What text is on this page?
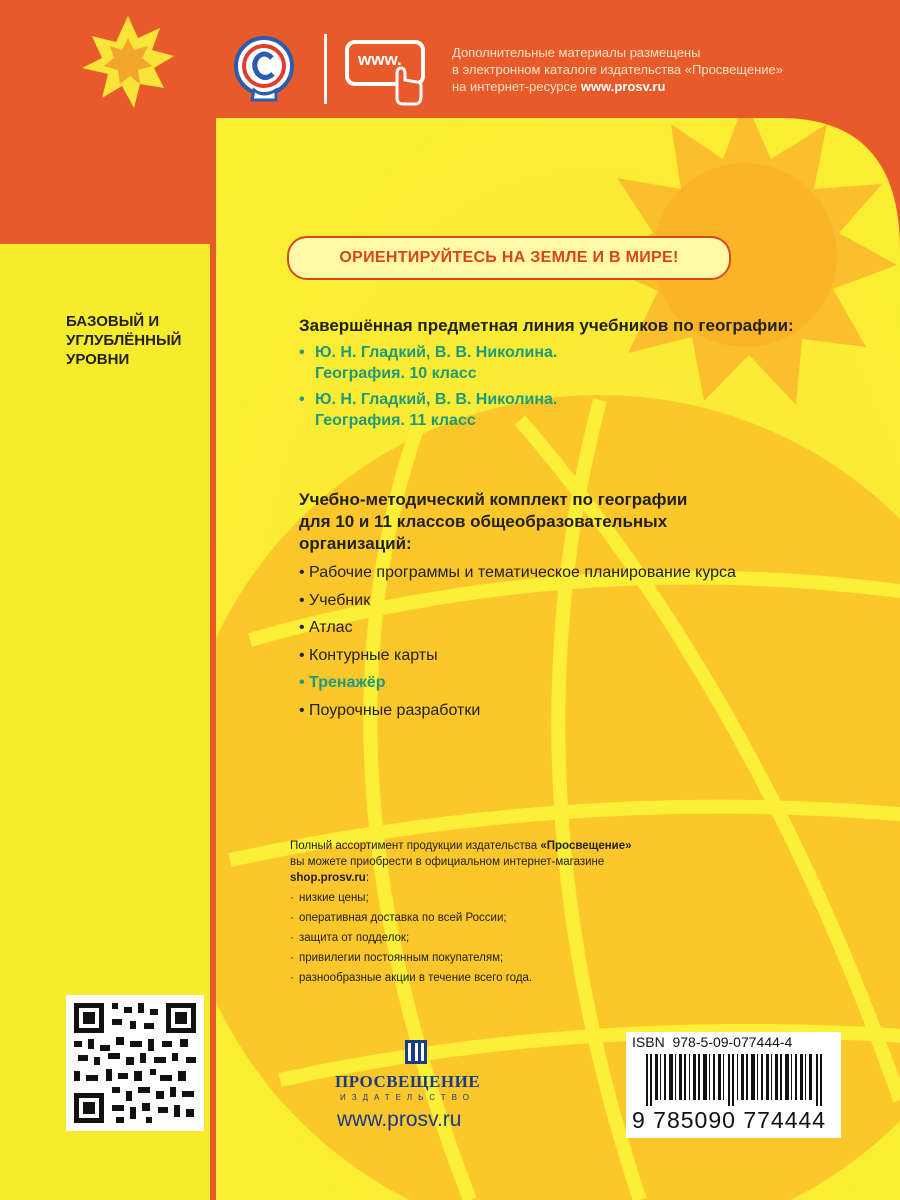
www.	Дополнительные материалы размещены
в электронном каталоге издательства «Просвещение»
на интернет-ресурсе www.prosv.ru
БАЗОВЫЙ И
УГЛУБЛЁННЫЙ
УРОВНИ
ОРИЕНТИРУЙТЕСЬ НА ЗЕМЛЕ И В МИРЕ!
Завершённая предметная линия учебников по географии:
• Ю. Н. Гладкий, В. В. Николина.
География. 10 класс
• Ю. Н. Гладкий, В. В. Николина.
География. 11 класс
Учебно-методический комплект по географии
для 10 и 11 классов общеобразовательных
организаций:
• Рабочие программы и тематическое планирование курса
• Учебник
• Атлас
• Контурные карты
• Тренажёр
• Поурочные разработки
Полный ассортимент продукции издательства «Просвещение»
вы можете приобрести в официальном интернет-магазине
shop.prosv.ru:
· низкие цены;
· оперативная доставка по всей России;
· защита от подделок;
· привилегии постоянным покупателям;
· разнообразные акции в течение всего года.
ПРОСВЕЩЕНИЕ
ИЗДАТЕЛЬСТВО
www.prosv.ru
ISBN 978-5-09-077444-4
9 785090 774444
